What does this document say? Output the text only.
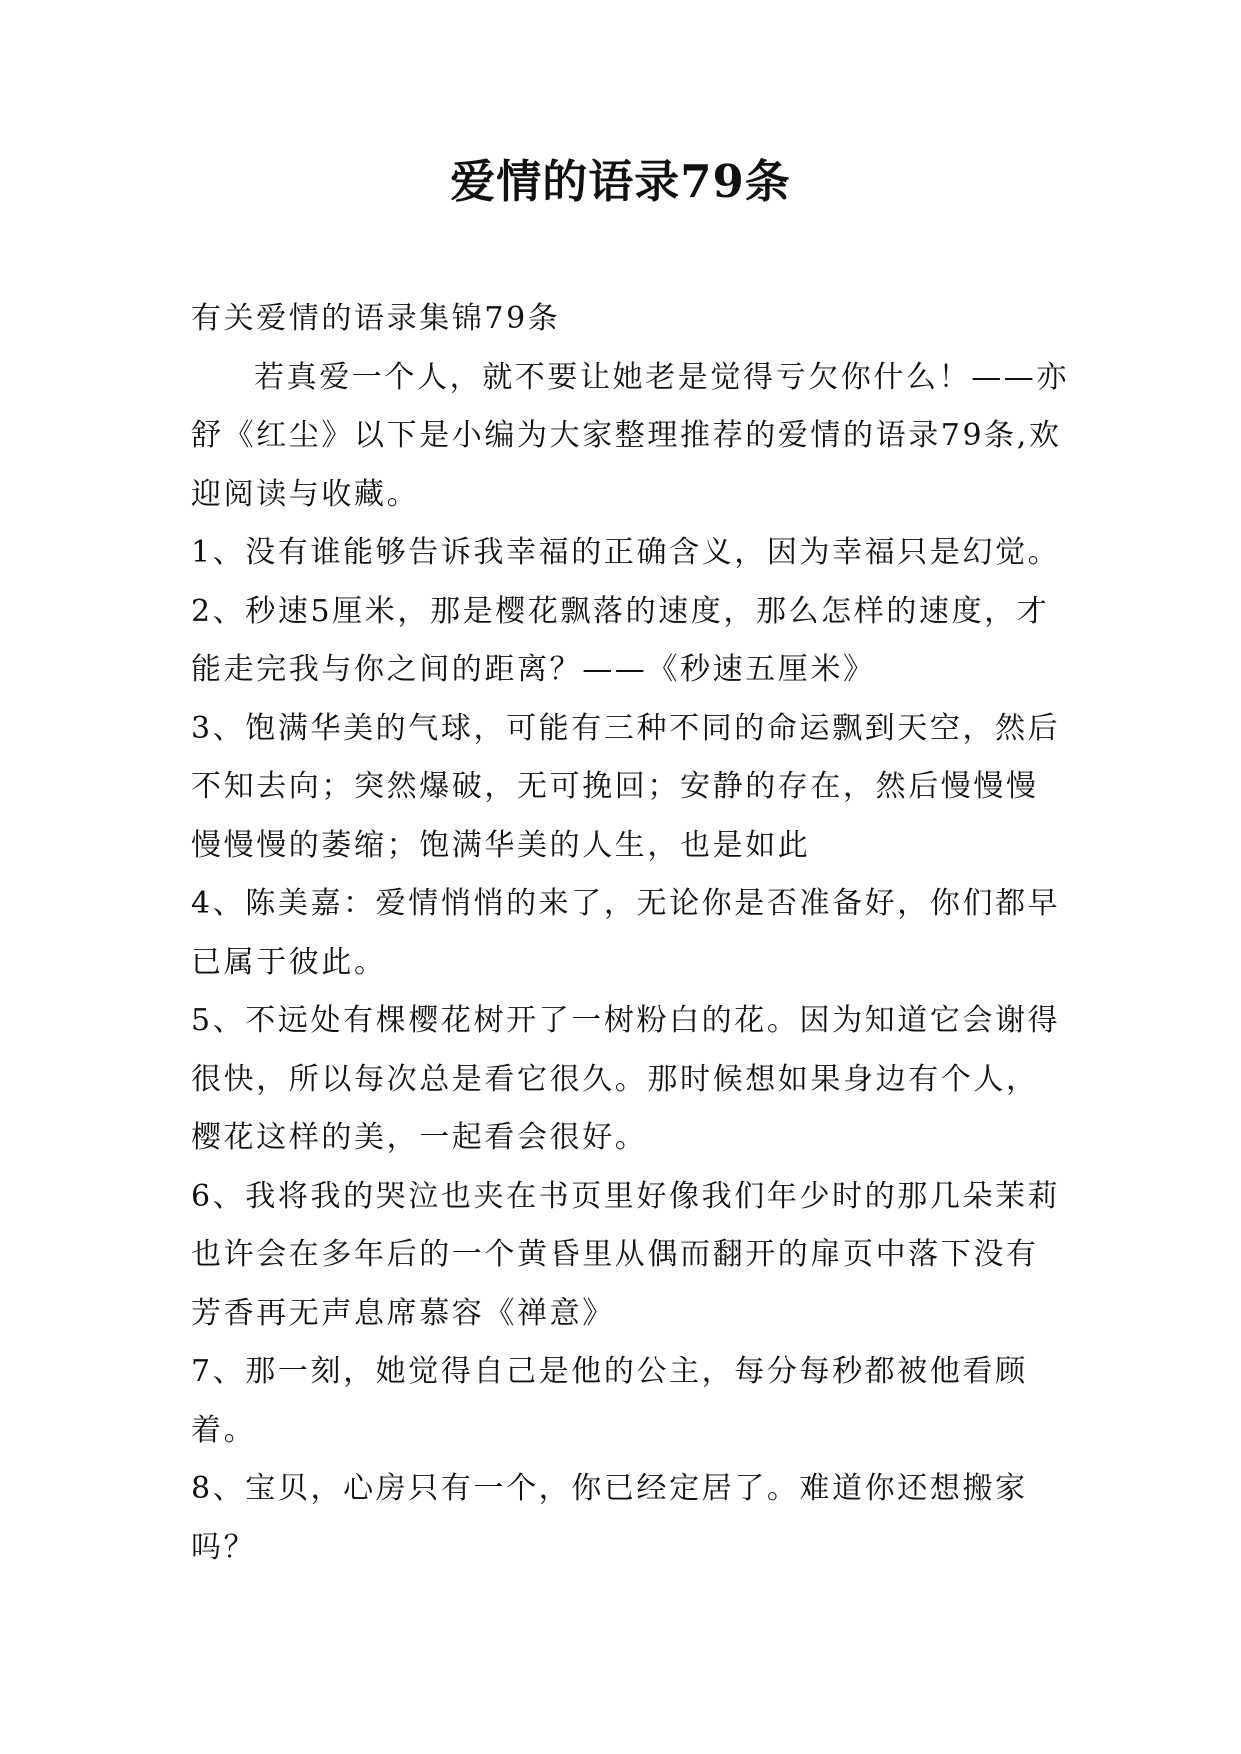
爱情的语录79条

有关爱情的语录集锦79条

若真爱一个人，就不要让她老是觉得亏欠你什么！——亦舒《红尘》以下是小编为大家整理推荐的爱情的语录79条,欢迎阅读与收藏。

1、没有谁能够告诉我幸福的正确含义，因为幸福只是幻觉。

2、秒速5厘米，那是樱花飘落的速度，那么怎样的速度，才能走完我与你之间的距离？——《秒速五厘米》

3、饱满华美的气球，可能有三种不同的命运飘到天空，然后不知去向；突然爆破，无可挽回；安静的存在，然后慢慢慢慢慢慢的萎缩；饱满华美的人生，也是如此

4、陈美嘉：爱情悄悄的来了，无论你是否准备好，你们都早已属于彼此。

5、不远处有棵樱花树开了一树粉白的花。因为知道它会谢得很快，所以每次总是看它很久。那时候想如果身边有个人，樱花这样的美，一起看会很好。

6、我将我的哭泣也夹在书页里好像我们年少时的那几朵茉莉也许会在多年后的一个黄昏里从偶而翻开的扉页中落下没有芳香再无声息席慕容《禅意》

7、那一刻，她觉得自己是他的公主，每分每秒都被他看顾着。

8、宝贝，心房只有一个，你已经定居了。难道你还想搬家吗？
